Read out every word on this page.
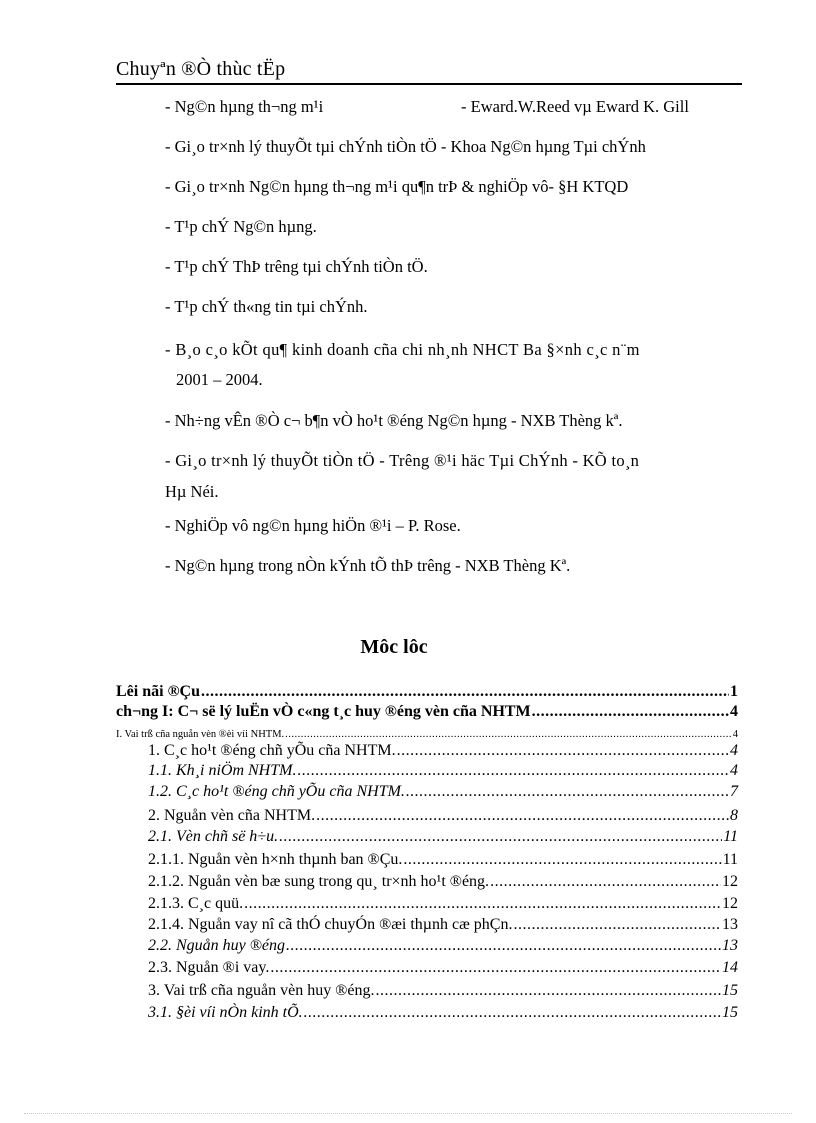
Chuyªn ®Ò thùc tËp
- Ng©n hµng th¬ng m¹i	- Eward.W.Reed vµ Eward K. Gill
- Gi¸o tr×nh lý thuyÕt tµi chÝnh tiÒn tÖ - Khoa Ng©n hµng Tµi chÝnh
- Gi¸o tr×nh Ng©n hµng th¬ng m¹i qu¶n trÞ & nghiÖp vô- §H KTQD
- T¹p chÝ Ng©n hµng.
- T¹p chÝ ThÞ trêng tµi chÝnh tiÒn tÖ.
- T¹p chÝ th«ng tin tµi chÝnh.
- B¸o c¸o kÕt qu¶ kinh doanh cña chi nh¸nh NHCT Ba §×nh c¸c n¨m
2001 – 2004.
- Nh÷ng vÊn ®Ò c¬ b¶n vÒ ho¹t ®éng Ng©n hµng - NXB Thèng kª.
- Gi¸o tr×nh lý thuyÕt tiÒn tÖ - Trêng ®¹i häc Tµi ChÝnh - KÕ to¸n
Hµ Néi.
- NghiÖp vô ng©n hµng hiÖn ®¹i – P. Rose.
- Ng©n hµng trong nÒn kÝnh tÕ thÞ trêng - NXB Thèng Kª.
Môc lôc
Lêi nãi ®Çu .....	1
ch¬ng I: C¬ së lý luËn vÒ c«ng t¸c huy ®éng vèn cña NHTM .....	4
I. Vai trß cña nguån vèn ®èi víi NHTM. .....	4
1. C¸c ho¹t ®éng chñ yÕu cña NHTM. .....	4
1.1. Kh¸i niÖm NHTM. .....	4
1.2. C¸c ho¹t ®éng chñ yÕu cña NHTM. .....	7
2. Nguån vèn cña NHTM. .....	8
2.1. Vèn chñ së h÷u. .....	11
2.1.1. Nguån vèn h×nh thµnh ban ®Çu. .....	11
2.1.2. Nguån vèn bæ sung trong qu¸ tr×nh ho¹t ®éng. .....	12
2.1.3. C¸c quü. .....	12
2.1.4. Nguån vay nî cã thÓ chuyÓn ®æi thµnh cæ phÇn. .....	13
2.2. Nguån huy ®éng .....	13
2.3. Nguån ®i vay. .....	14
3. Vai trß cña nguån vèn huy ®éng. .....	15
3.1. §èi víi nÒn kinh tÕ. .....	15
